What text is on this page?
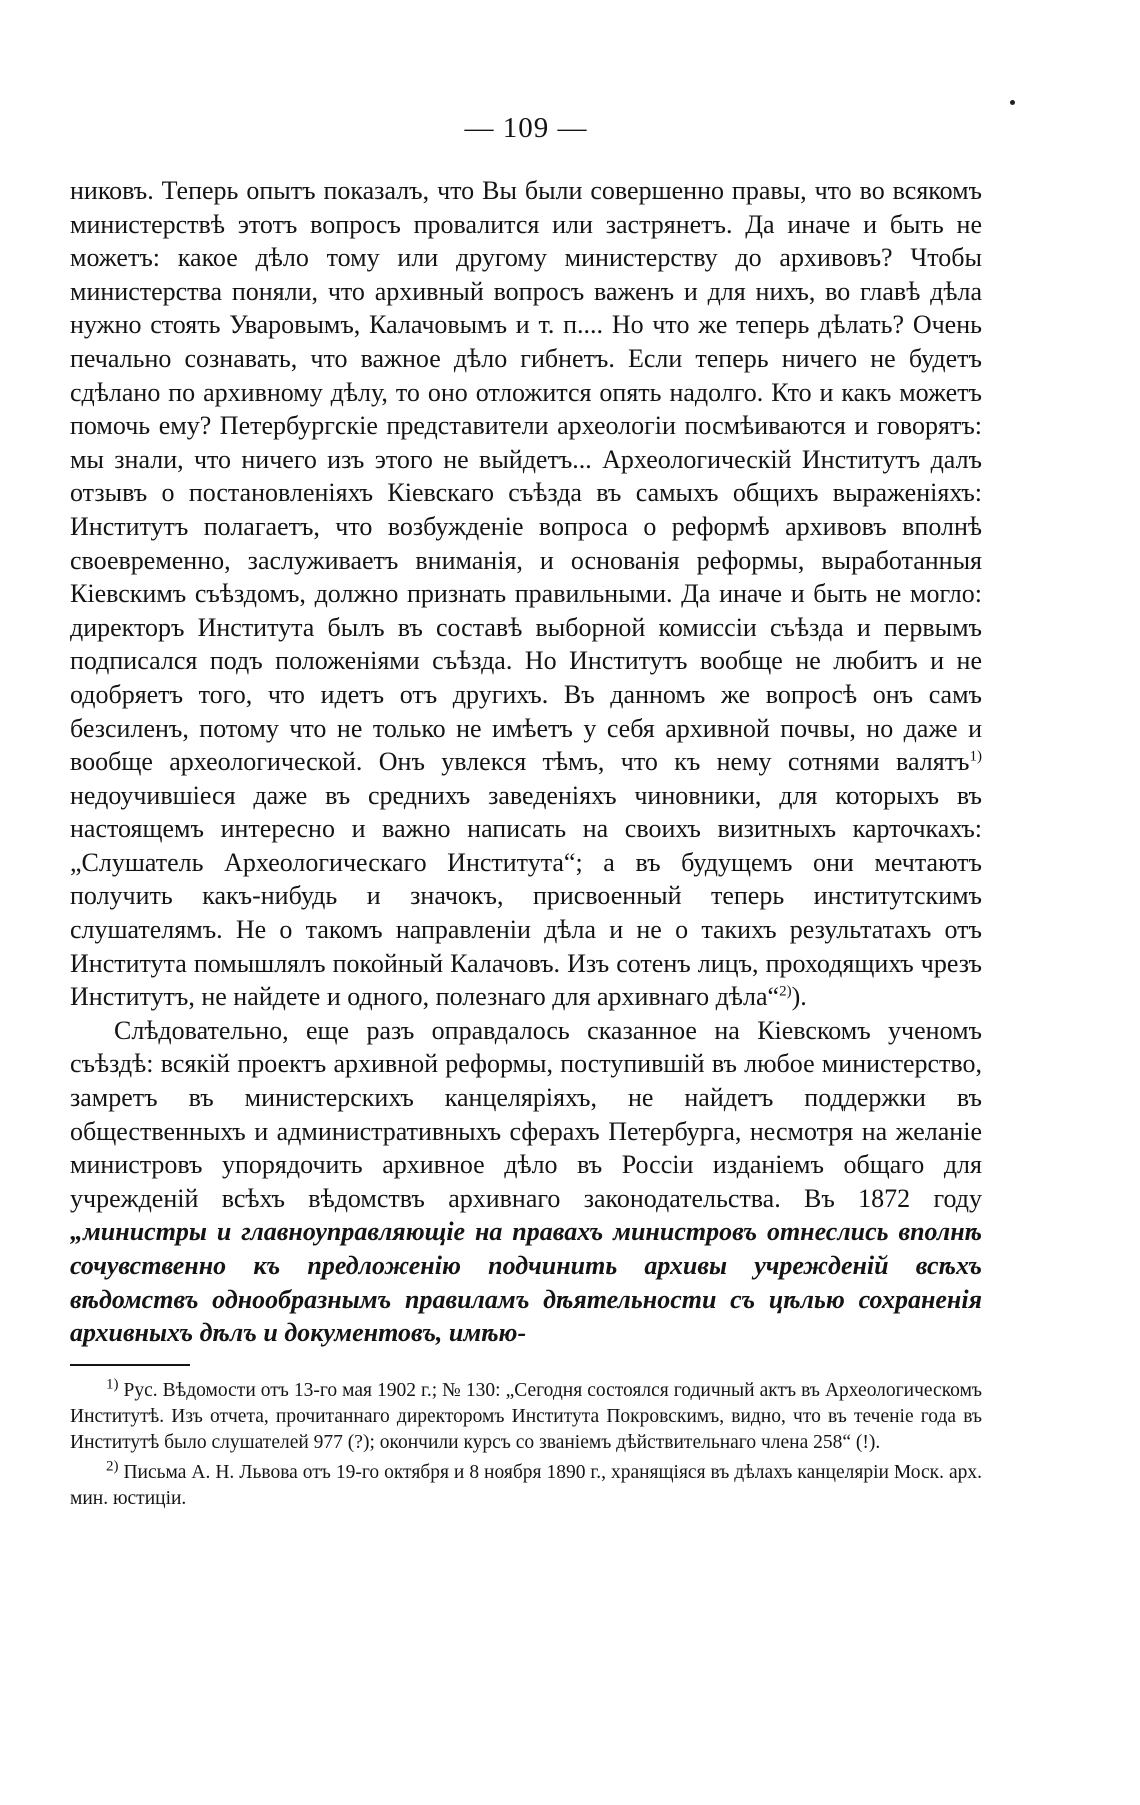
— 109 —

никовъ. Теперь опытъ показалъ, что Вы были совершенно правы, что во всякомъ министерствѣ этотъ вопросъ провалится или застрянетъ. Да иначе и быть не можетъ: какое дѣло тому или другому министерству до архивовъ? Чтобы министерства поняли, что архивный вопросъ важенъ и для нихъ, во главѣ дѣла нужно стоять Уваровымъ, Калачовымъ и т. п.... Но что же теперь дѣлать? Очень печально сознавать, что важное дѣло гибнетъ. Если теперь ничего не будетъ сдѣлано по архивному дѣлу, то оно отложится опять надолго. Кто и какъ можетъ помочь ему? Петербургскіе представители археологіи посмѣиваются и говорятъ: мы знали, что ничего изъ этого не выйдетъ... Археологическій Институтъ далъ отзывъ о постановленіяхъ Кіевскаго съѣзда въ самыхъ общихъ выраженіяхъ: Институтъ полагаетъ, что возбужденіе вопроса о реформѣ архивовъ вполнѣ своевременно, заслуживаетъ вниманія, и основанія реформы, выработанныя Кіевскимъ съѣздомъ, должно признать правильными. Да иначе и быть не могло: директоръ Института былъ въ составѣ выборной комиссіи съѣзда и первымъ подписался подъ положеніями съѣзда. Но Институтъ вообще не любитъ и не одобряетъ того, что идетъ отъ другихъ. Въ данномъ же вопросѣ онъ самъ безсиленъ, потому что не только не имѣетъ у себя архивной почвы, но даже и вообще археологической. Онъ увлекся тѣмъ, что къ нему сотнями валятъ$^{1)}$ недоучившіеся даже въ среднихъ заведеніяхъ чиновники, для которыхъ въ настоящемъ интересно и важно написать на своихъ визитныхъ карточкахъ: „Слушатель Археологическаго Института“; а въ будущемъ они мечтаютъ получить какъ-нибудь и значокъ, присвоенный теперь институтскимъ слушателямъ. Не о такомъ направленіи дѣла и не о такихъ результатахъ отъ Института помышлялъ покойный Калачовъ. Изъ сотенъ лицъ, проходящихъ чрезъ Институтъ, не найдете и одного, полезнаго для архивнаго дѣла“$^{2)}$).

Слѣдовательно, еще разъ оправдалось сказанное на Кіевскомъ ученомъ съѣздѣ: всякій проектъ архивной реформы, поступившій въ любое министерство, замретъ въ министерскихъ канцеляріяхъ, не найдетъ поддержки въ общественныхъ и административныхъ сферахъ Петербурга, несмотря на желаніе министровъ упорядочить архивное дѣло въ Россіи изданіемъ общаго для учрежденій всѣхъ вѣдомствъ архивнаго законодательства. Въ 1872 году „министры и главноуправляющіе на правахъ министровъ отнеслись вполнѣ сочувственно къ предложенію подчинить архивы учрежденій всѣхъ вѣдомствъ однообразнымъ правиламъ дѣятельности съ цѣлью сохраненія архивныхъ дѣлъ и документовъ, имѣю-

$^{1)}$ Рус. Вѣдомости отъ 13-го мая 1902 г.; № 130: „Сегодня состоялся годичный актъ въ Археологическомъ Институтѣ. Изъ отчета, прочитаннаго директоромъ Института Покровскимъ, видно, что въ теченіе года въ Институтѣ было слушателей 977 (?); окончили курсъ со званіемъ дѣйствительнаго члена 258“ (!).

$^{2)}$ Письма А. Н. Львова отъ 19-го октября и 8 ноября 1890 г., хранящіяся въ дѣлахъ канцеляріи Моск. арх. мин. юстиціи.
